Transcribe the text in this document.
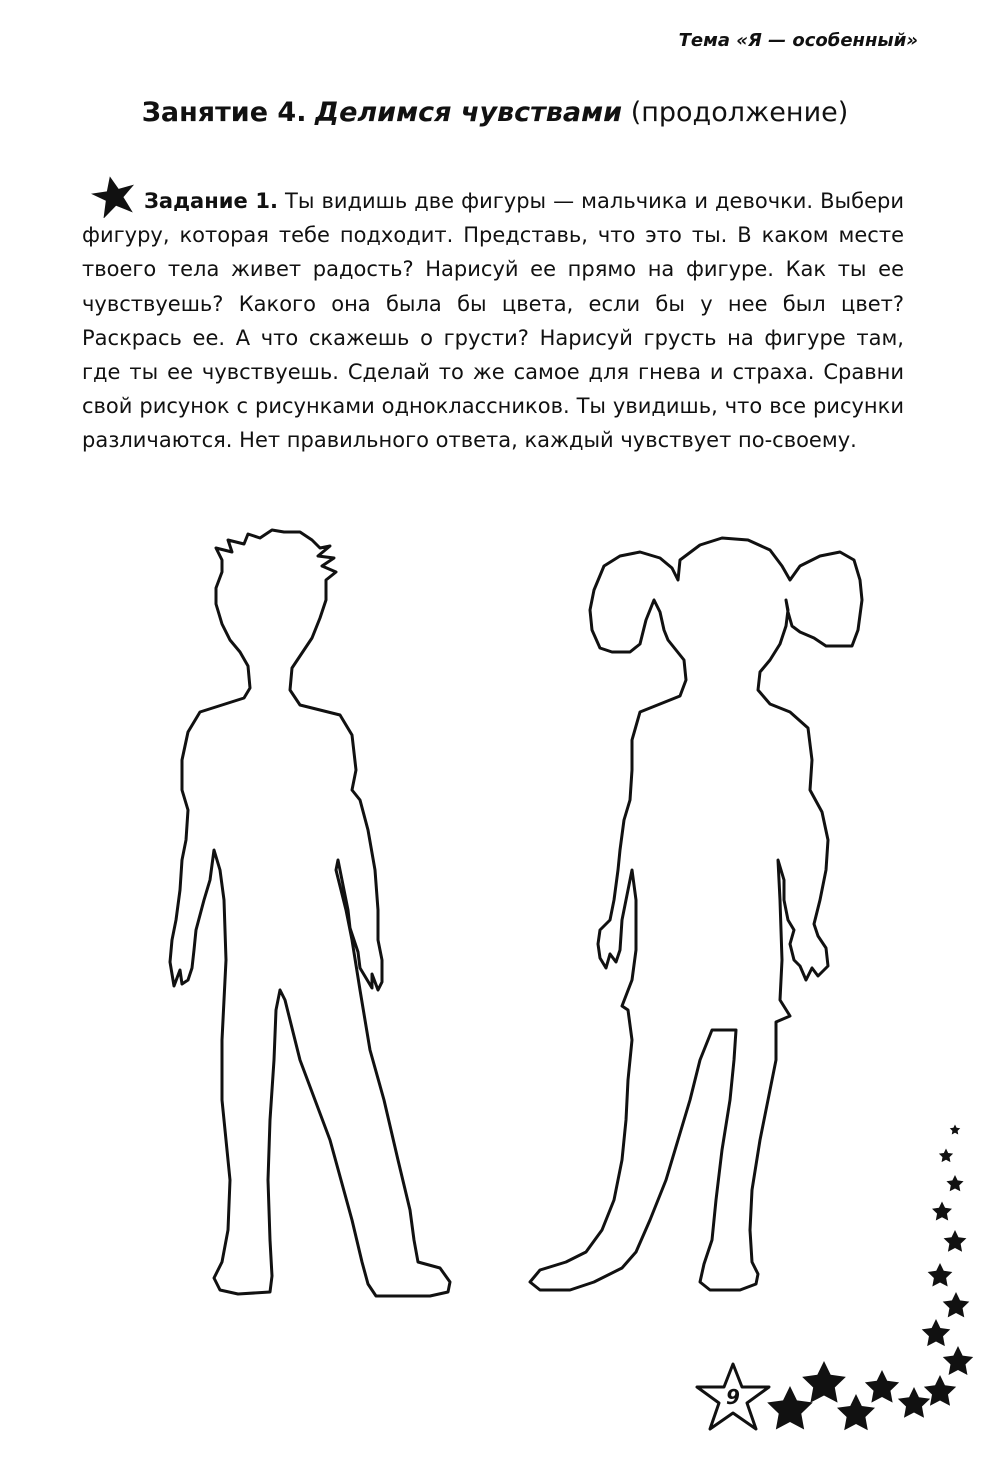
Тема «Я — особенный»
Занятие 4. Делимся чувствами (продолжение)

Задание 1. Ты видишь две фигуры — мальчика и девочки. Выбери фигуру, которая тебе подходит. Представь, что это ты. В каком месте твоего тела живет радость? Нарисуй ее прямо на фигуре. Как ты ее чувствуешь? Какого она была бы цвета, если бы у нее был цвет? Раскрась ее. А что скажешь о грусти? Нарисуй грусть на фигуре там, где ты ее чувствуешь. Сделай то же самое для гнева и страха. Сравни свой рисунок с рисунками одноклассников. Ты увидишь, что все рисунки различаются. Нет правильного ответа, каждый чувствует по-своему.

9
